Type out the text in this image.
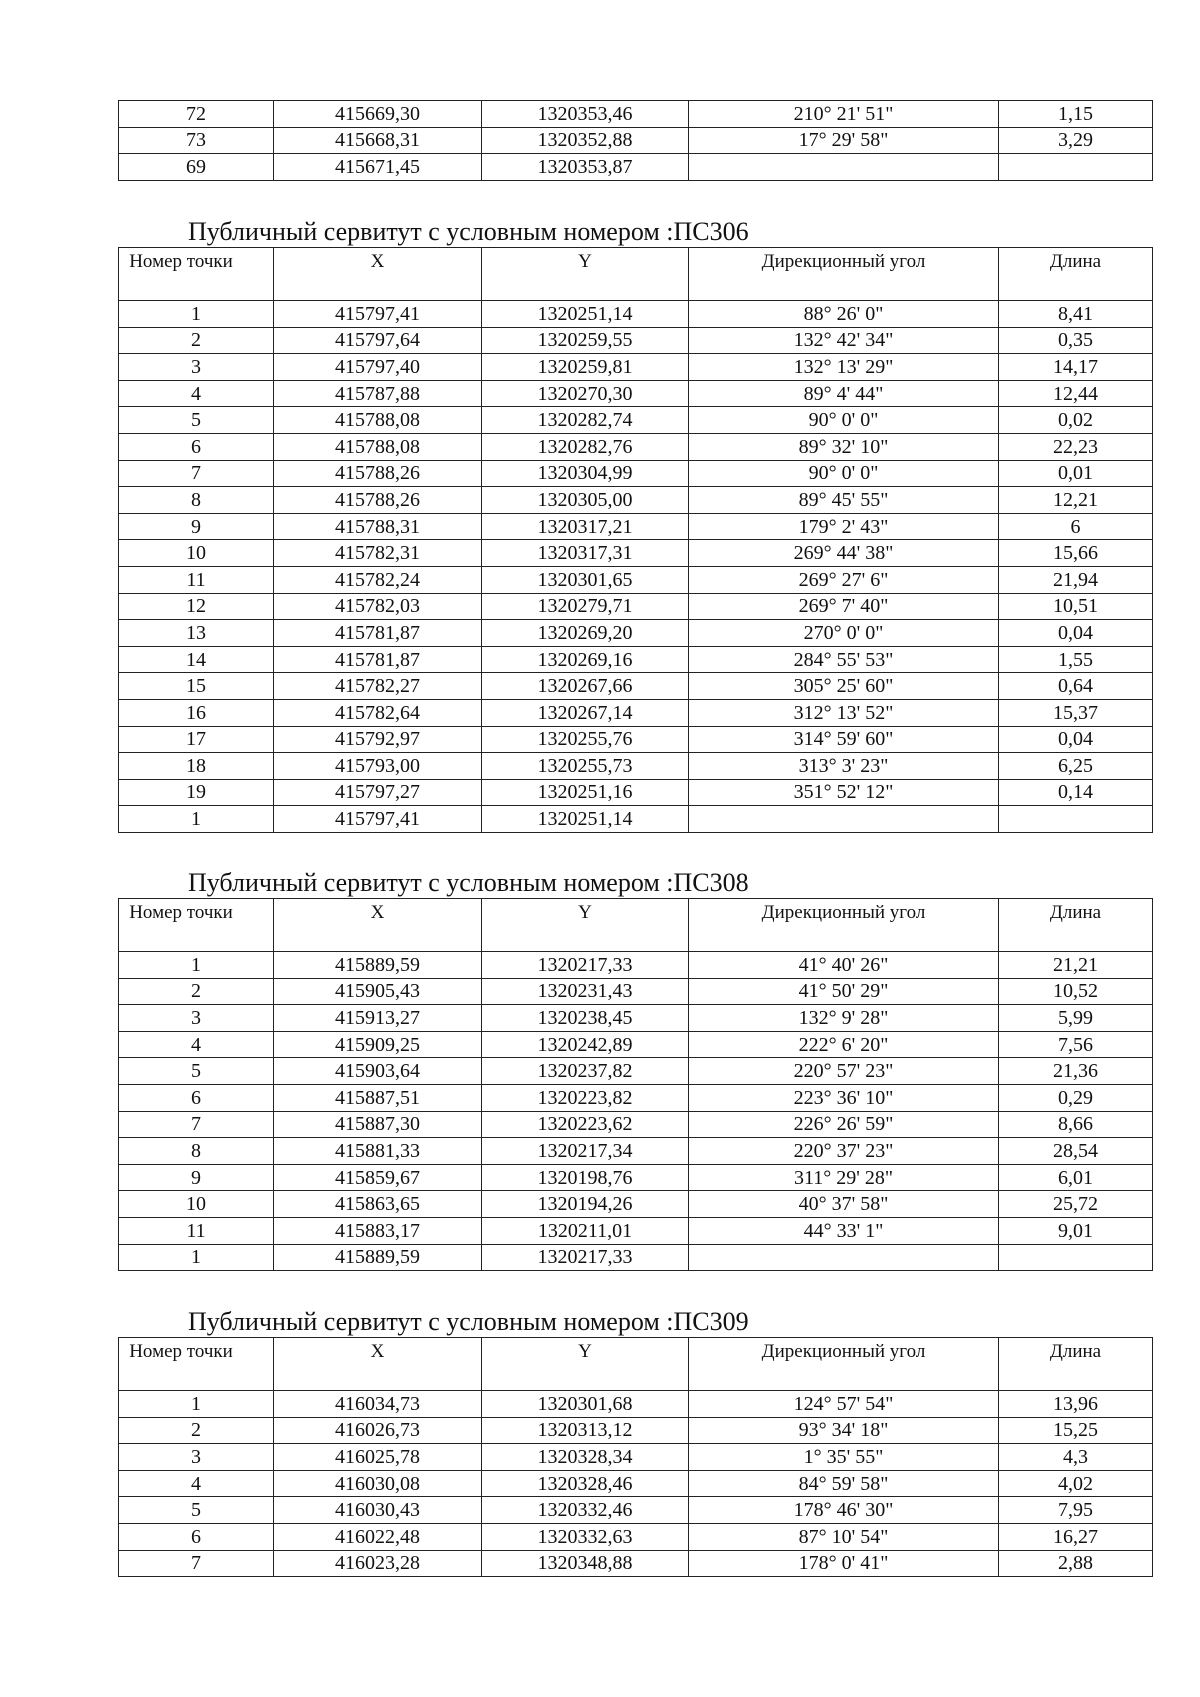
72	415669,30	1320353,46	210° 21' 51"	1,15
73	415668,31	1320352,88	17° 29' 58"	3,29
69	415671,45	1320353,87		
Публичный сервитут с условным номером :ПС306
Номер точки	X	Y	Дирекционный угол	Длина
1	415797,41	1320251,14	88° 26' 0"	8,41
2	415797,64	1320259,55	132° 42' 34"	0,35
3	415797,40	1320259,81	132° 13' 29"	14,17
4	415787,88	1320270,30	89° 4' 44"	12,44
5	415788,08	1320282,74	90° 0' 0"	0,02
6	415788,08	1320282,76	89° 32' 10"	22,23
7	415788,26	1320304,99	90° 0' 0"	0,01
8	415788,26	1320305,00	89° 45' 55"	12,21
9	415788,31	1320317,21	179° 2' 43"	6
10	415782,31	1320317,31	269° 44' 38"	15,66
11	415782,24	1320301,65	269° 27' 6"	21,94
12	415782,03	1320279,71	269° 7' 40"	10,51
13	415781,87	1320269,20	270° 0' 0"	0,04
14	415781,87	1320269,16	284° 55' 53"	1,55
15	415782,27	1320267,66	305° 25' 60"	0,64
16	415782,64	1320267,14	312° 13' 52"	15,37
17	415792,97	1320255,76	314° 59' 60"	0,04
18	415793,00	1320255,73	313° 3' 23"	6,25
19	415797,27	1320251,16	351° 52' 12"	0,14
1	415797,41	1320251,14		
Публичный сервитут с условным номером :ПС308
Номер точки	X	Y	Дирекционный угол	Длина
1	415889,59	1320217,33	41° 40' 26"	21,21
2	415905,43	1320231,43	41° 50' 29"	10,52
3	415913,27	1320238,45	132° 9' 28"	5,99
4	415909,25	1320242,89	222° 6' 20"	7,56
5	415903,64	1320237,82	220° 57' 23"	21,36
6	415887,51	1320223,82	223° 36' 10"	0,29
7	415887,30	1320223,62	226° 26' 59"	8,66
8	415881,33	1320217,34	220° 37' 23"	28,54
9	415859,67	1320198,76	311° 29' 28"	6,01
10	415863,65	1320194,26	40° 37' 58"	25,72
11	415883,17	1320211,01	44° 33' 1"	9,01
1	415889,59	1320217,33		
Публичный сервитут с условным номером :ПС309
Номер точки	X	Y	Дирекционный угол	Длина
1	416034,73	1320301,68	124° 57' 54"	13,96
2	416026,73	1320313,12	93° 34' 18"	15,25
3	416025,78	1320328,34	1° 35' 55"	4,3
4	416030,08	1320328,46	84° 59' 58"	4,02
5	416030,43	1320332,46	178° 46' 30"	7,95
6	416022,48	1320332,63	87° 10' 54"	16,27
7	416023,28	1320348,88	178° 0' 41"	2,88
